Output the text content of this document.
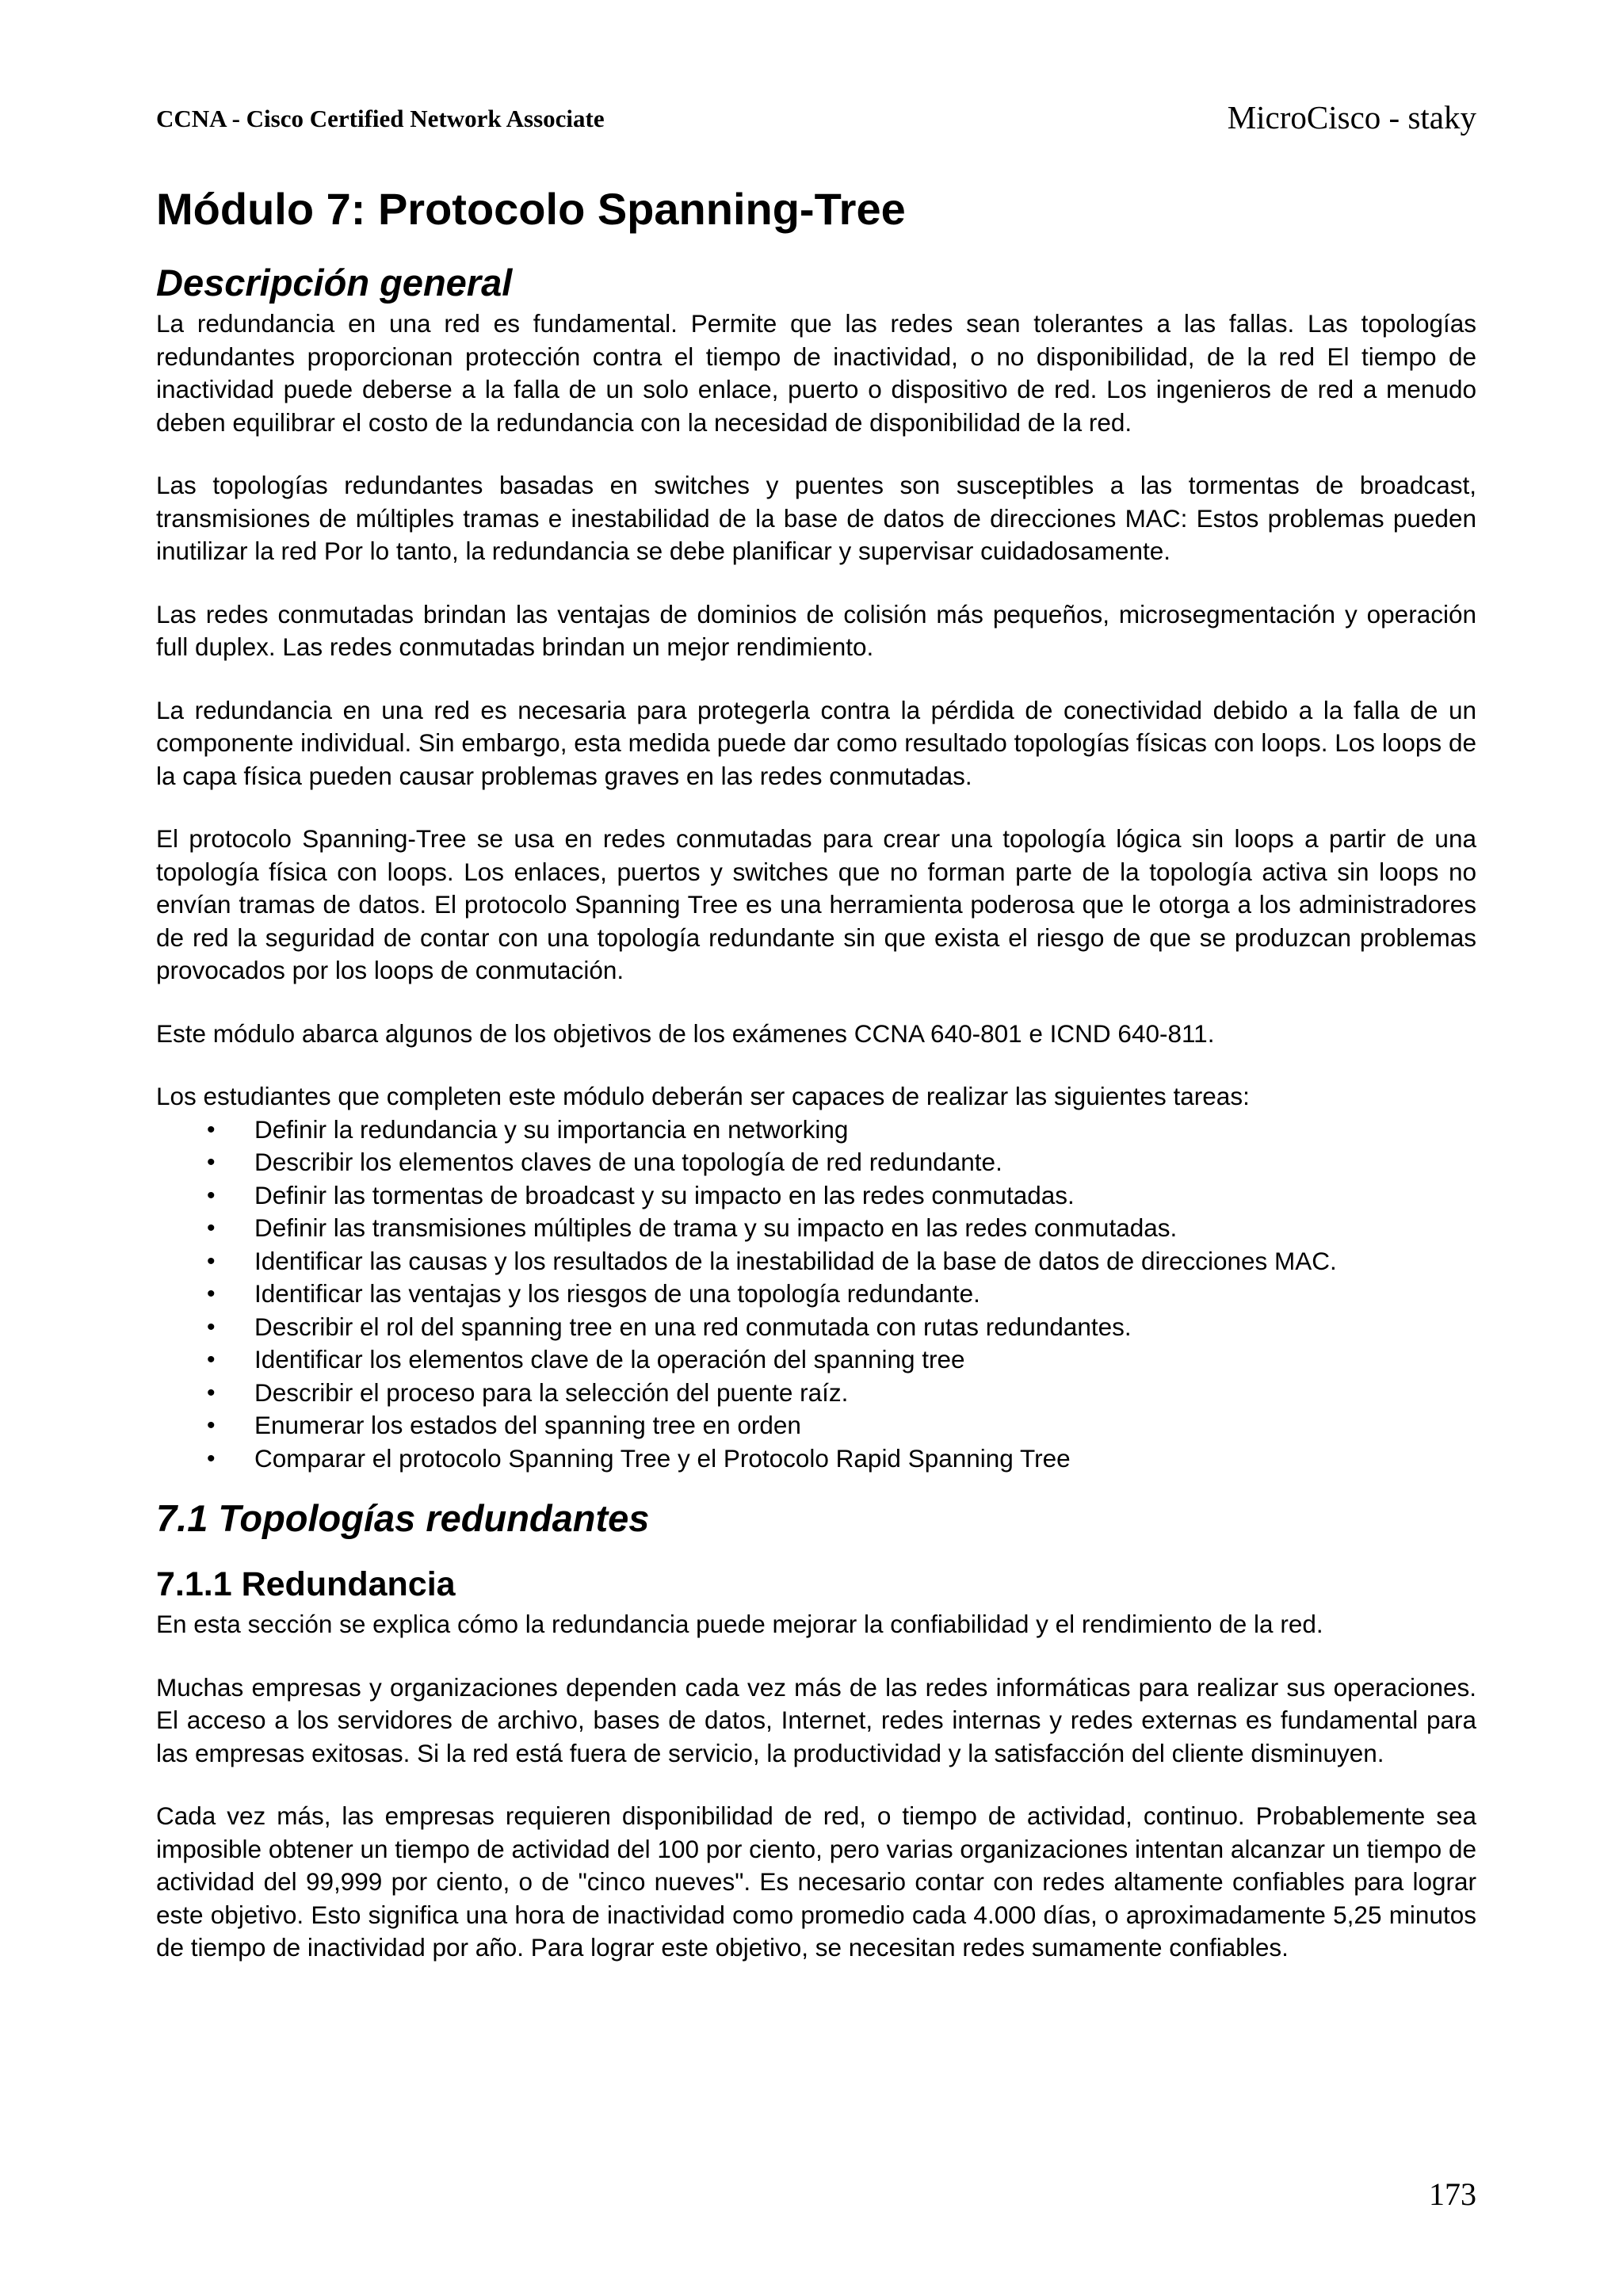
CCNA - Cisco Certified Network Associate	MicroCisco - staky
Módulo 7: Protocolo Spanning-Tree
Descripción general

La redundancia en una red es fundamental. Permite que las redes sean tolerantes a las fallas. Las topologías redundantes proporcionan protección contra el tiempo de inactividad, o no disponibilidad, de la red El tiempo de inactividad puede deberse a la falla de un solo enlace, puerto o dispositivo de red. Los ingenieros de red a menudo deben equilibrar el costo de la redundancia con la necesidad de disponibilidad de la red.

Las topologías redundantes basadas en switches y puentes son susceptibles a las tormentas de broadcast, transmisiones de múltiples tramas e inestabilidad de la base de datos de direcciones MAC: Estos problemas pueden inutilizar la red Por lo tanto, la redundancia se debe planificar y supervisar cuidadosamente.

Las redes conmutadas brindan las ventajas de dominios de colisión más pequeños, microsegmentación y operación full duplex. Las redes conmutadas brindan un mejor rendimiento.

La redundancia en una red es necesaria para protegerla contra la pérdida de conectividad debido a la falla de un componente individual. Sin embargo, esta medida puede dar como resultado topologías físicas con loops. Los loops de la capa física pueden causar problemas graves en las redes conmutadas.

El protocolo Spanning-Tree se usa en redes conmutadas para crear una topología lógica sin loops a partir de una topología física con loops. Los enlaces, puertos y switches que no forman parte de la topología activa sin loops no envían tramas de datos. El protocolo Spanning Tree es una herramienta poderosa que le otorga a los administradores de red la seguridad de contar con una topología redundante sin que exista el riesgo de que se produzcan problemas provocados por los loops de conmutación.

Este módulo abarca algunos de los objetivos de los exámenes CCNA 640-801 e ICND 640-811.

Los estudiantes que completen este módulo deberán ser capaces de realizar las siguientes tareas:

• Definir la redundancia y su importancia en networking
• Describir los elementos claves de una topología de red redundante.
• Definir las tormentas de broadcast y su impacto en las redes conmutadas.
• Definir las transmisiones múltiples de trama y su impacto en las redes conmutadas.
• Identificar las causas y los resultados de la inestabilidad de la base de datos de direcciones MAC.
• Identificar las ventajas y los riesgos de una topología redundante.
• Describir el rol del spanning tree en una red conmutada con rutas redundantes.
• Identificar los elementos clave de la operación del spanning tree
• Describir el proceso para la selección del puente raíz.
• Enumerar los estados del spanning tree en orden
• Comparar el protocolo Spanning Tree y el Protocolo Rapid Spanning Tree
7.1 Topologías redundantes
7.1.1 Redundancia

En esta sección se explica cómo la redundancia puede mejorar la confiabilidad y el rendimiento de la red.

Muchas empresas y organizaciones dependen cada vez más de las redes informáticas para realizar sus operaciones. El acceso a los servidores de archivo, bases de datos, Internet, redes internas y redes externas es fundamental para las empresas exitosas. Si la red está fuera de servicio, la productividad y la satisfacción del cliente disminuyen.

Cada vez más, las empresas requieren disponibilidad de red, o tiempo de actividad, continuo. Probablemente sea imposible obtener un tiempo de actividad del 100 por ciento, pero varias organizaciones intentan alcanzar un tiempo de actividad del 99,999 por ciento, o de "cinco nueves". Es necesario contar con redes altamente confiables para lograr este objetivo. Esto significa una hora de inactividad como promedio cada 4.000 días, o aproximadamente 5,25 minutos de tiempo de inactividad por año. Para lograr este objetivo, se necesitan redes sumamente confiables.

173
